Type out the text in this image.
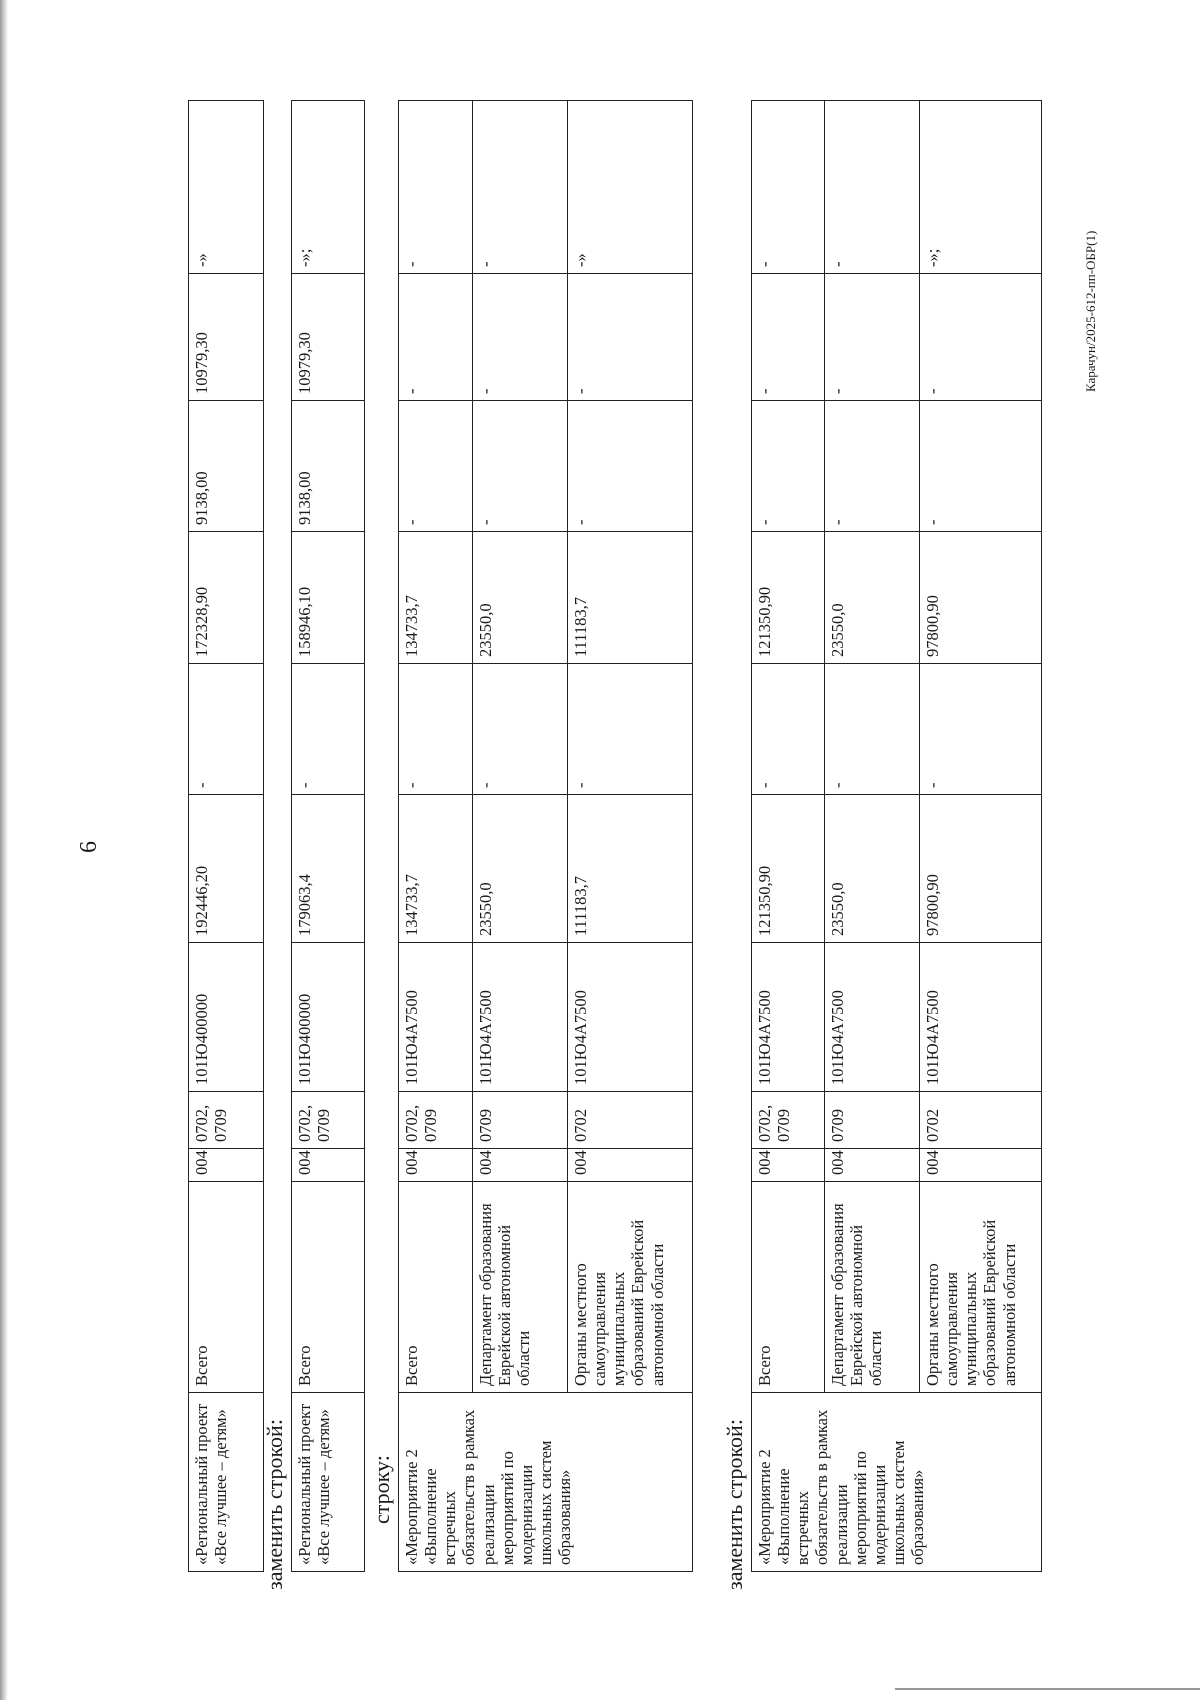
6
«Региональный проект «Все лучшее – детям»	Всего	004	0702, 0709	101Ю400000	192446,20	-	172328,90	9138,00	10979,30	-»
заменить строкой: «Региональный проект «Все лучшее – детям»	Всего	004	0702, 0709	101Ю400000	179063,4	-	158946,10	9138,00	10979,30	-»;
строку: «Мероприятие 2 «Выполнение встречных обязательств в рамках реализации мероприятий по модернизации школьных систем образования»	Всего	004	0702, 0709	101Ю4А7500	134733,7	-	134733,7	-	-	-
	Департамент образования Еврейской автономной области	004	0709	101Ю4А7500	23550,0	-	23550,0	-	-	-
	Органы местного самоуправления муниципальных образований Еврейской автономной области	004	0702	101Ю4А7500	111183,7	-	111183,7	-	-	-»
заменить строкой: «Мероприятие 2 «Выполнение встречных обязательств в рамках реализации мероприятий по модернизации школьных систем образования»	Всего	004	0702, 0709	101Ю4А7500	121350,90	-	121350,90	-	-	-
	Департамент образования Еврейской автономной области	004	0709	101Ю4А7500	23550,0	-	23550,0	-	-	-
	Органы местного самоуправления муниципальных образований Еврейской автономной области	004	0702	101Ю4А7500	97800,90	-	97800,90	-	-	-»;	Карачун/2025-612-пп-ОБР(1)
